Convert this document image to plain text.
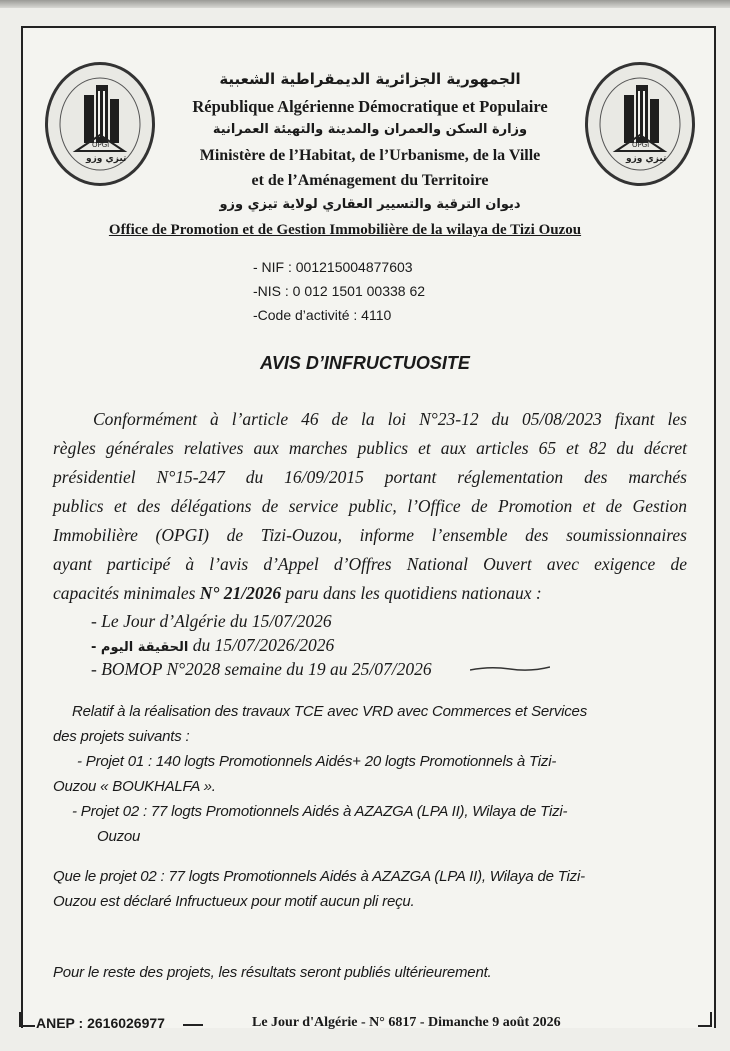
OPGI
تيزي وزو
OPGI
تيزي وزو
الجمهورية الجزائرية الديمقراطية الشعبية
République Algérienne Démocratique et Populaire
وزارة السكن والعمران والمدينة والتهيئة العمرانية
Ministère de l’Habitat, de l’Urbanisme, de la Ville
et de l’Aménagement du Territoire
ديوان الترقية والتسيير العقاري لولاية تيزي وزو
Office de Promotion et de Gestion Immobilière de la wilaya de Tizi Ouzou
- NIF : 001215004877603
-NIS : 0 012 1501 00338 62
-Code d’activité : 4110
AVIS D’INFRUCTUOSITE
Conformément à l’article 46 de la loi N°23-12 du 05/08/2023 fixant les
règles générales relatives aux marches publics et aux articles 65 et 82 du décret
présidentiel N°15-247 du 16/09/2015 portant réglementation des marchés
publics et des délégations de service public, l’Office de Promotion et de Gestion
Immobilière (OPGI) de Tizi-Ouzou, informe l’ensemble des soumissionnaires
ayant participé à l’avis d’Appel d’Offres National Ouvert avec exigence de
capacités minimales N° 21/2026 paru dans les quotidiens nationaux :
- Le Jour d’Algérie du 15/07/2026
- الحقيقة اليوم du 15/07/2026/2026
- BOMOP N°2028 semaine du 19 au 25/07/2026
Relatif à la réalisation des travaux TCE avec VRD avec Commerces et Services
des projets suivants :
- Projet 01 : 140 logts Promotionnels Aidés+ 20 logts Promotionnels à Tizi-
Ouzou « BOUKHALFA ».
- Projet 02 : 77 logts Promotionnels Aidés à AZAZGA (LPA II), Wilaya de Tizi-
Ouzou
Que le projet 02 : 77 logts Promotionnels Aidés à AZAZGA (LPA II), Wilaya de Tizi-
Ouzou est déclaré Infructueux pour motif aucun pli reçu.
Pour le reste des projets, les résultats seront publiés ultérieurement.
ANEP : 2616026977	Le Jour d'Algérie - N° 6817 - Dimanche 9 août 2026
